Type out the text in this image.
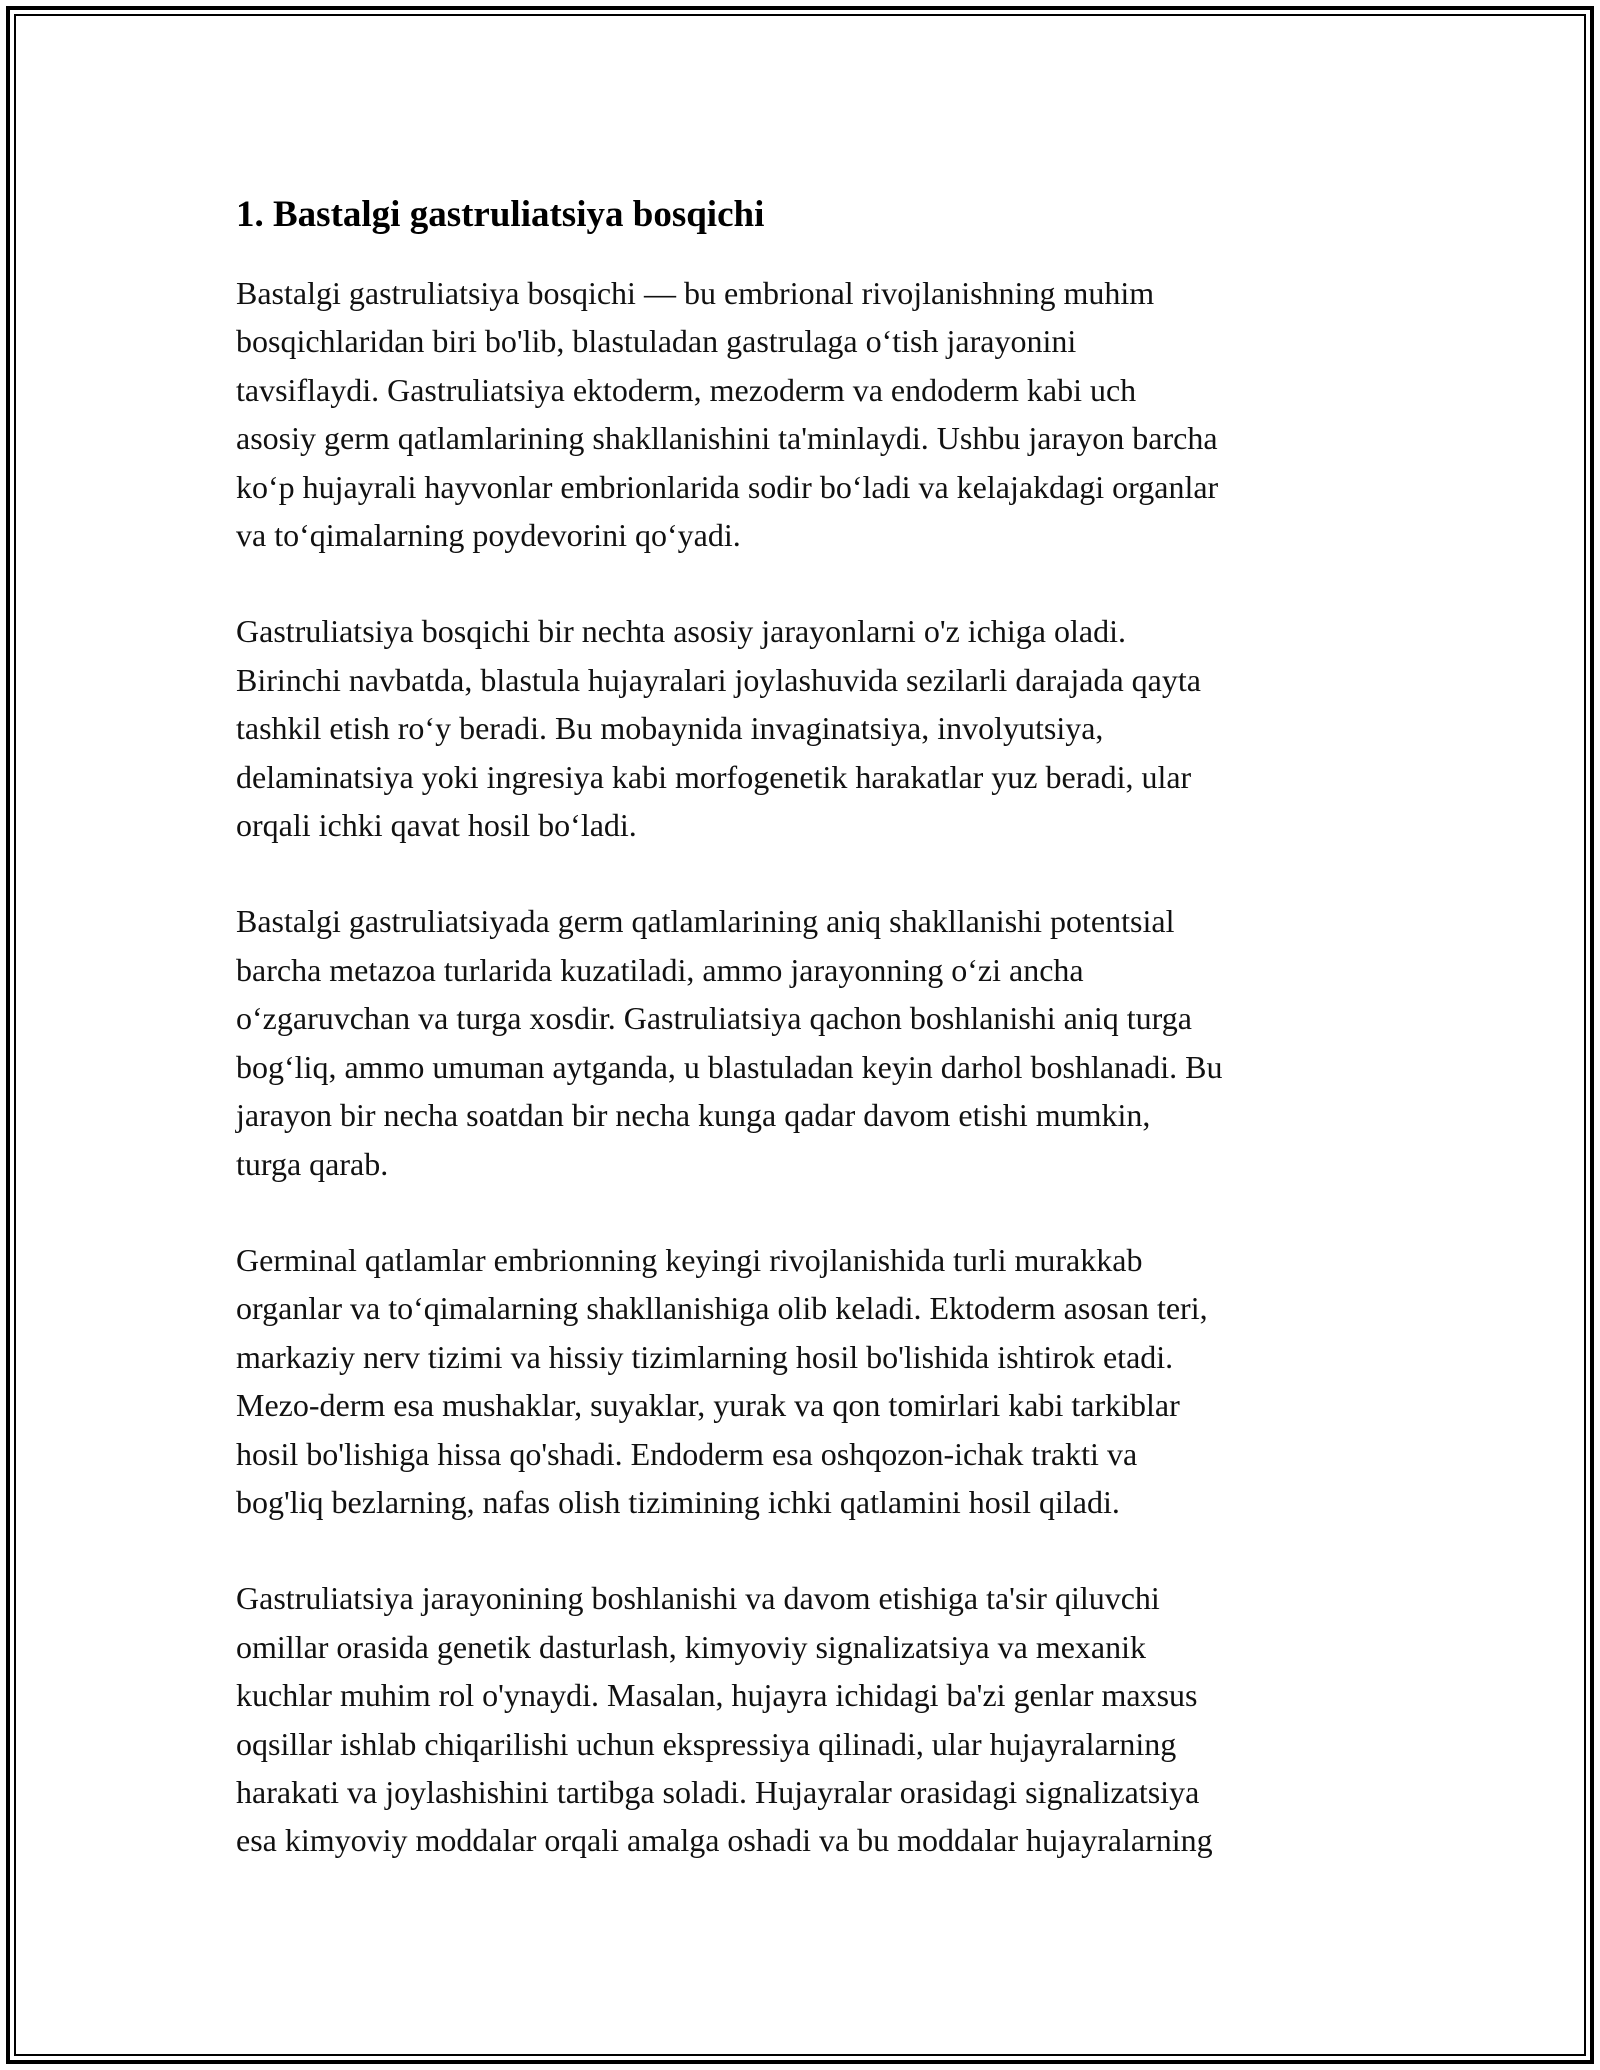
1. Bastalgi gastruliatsiya bosqichi

Bastalgi gastruliatsiya bosqichi — bu embrional rivojlanishning muhim
bosqichlaridan biri bo'lib, blastuladan gastrulaga o‘tish jarayonini
tavsiflaydi. Gastruliatsiya ektoderm, mezoderm va endoderm kabi uch
asosiy germ qatlamlarining shakllanishini ta'minlaydi. Ushbu jarayon barcha
ko‘p hujayrali hayvonlar embrionlarida sodir bo‘ladi va kelajakdagi organlar
va to‘qimalarning poydevorini qo‘yadi.

Gastruliatsiya bosqichi bir nechta asosiy jarayonlarni o'z ichiga oladi.
Birinchi navbatda, blastula hujayralari joylashuvida sezilarli darajada qayta
tashkil etish ro‘y beradi. Bu mobaynida invaginatsiya, involyutsiya,
delaminatsiya yoki ingresiya kabi morfogenetik harakatlar yuz beradi, ular
orqali ichki qavat hosil bo‘ladi.

Bastalgi gastruliatsiyada germ qatlamlarining aniq shakllanishi potentsial
barcha metazoa turlarida kuzatiladi, ammo jarayonning o‘zi ancha
o‘zgaruvchan va turga xosdir. Gastruliatsiya qachon boshlanishi aniq turga
bog‘liq, ammo umuman aytganda, u blastuladan keyin darhol boshlanadi. Bu
jarayon bir necha soatdan bir necha kunga qadar davom etishi mumkin,
turga qarab.

Germinal qatlamlar embrionning keyingi rivojlanishida turli murakkab
organlar va to‘qimalarning shakllanishiga olib keladi. Ektoderm asosan teri,
markaziy nerv tizimi va hissiy tizimlarning hosil bo'lishida ishtirok etadi.
Mezo-derm esa mushaklar, suyaklar, yurak va qon tomirlari kabi tarkiblar
hosil bo'lishiga hissa qo'shadi. Endoderm esa oshqozon-ichak trakti va
bog'liq bezlarning, nafas olish tizimining ichki qatlamini hosil qiladi.

Gastruliatsiya jarayonining boshlanishi va davom etishiga ta'sir qiluvchi
omillar orasida genetik dasturlash, kimyoviy signalizatsiya va mexanik
kuchlar muhim rol o'ynaydi. Masalan, hujayra ichidagi ba'zi genlar maxsus
oqsillar ishlab chiqarilishi uchun ekspressiya qilinadi, ular hujayralarning
harakati va joylashishini tartibga soladi. Hujayralar orasidagi signalizatsiya
esa kimyoviy moddalar orqali amalga oshadi va bu moddalar hujayralarning
